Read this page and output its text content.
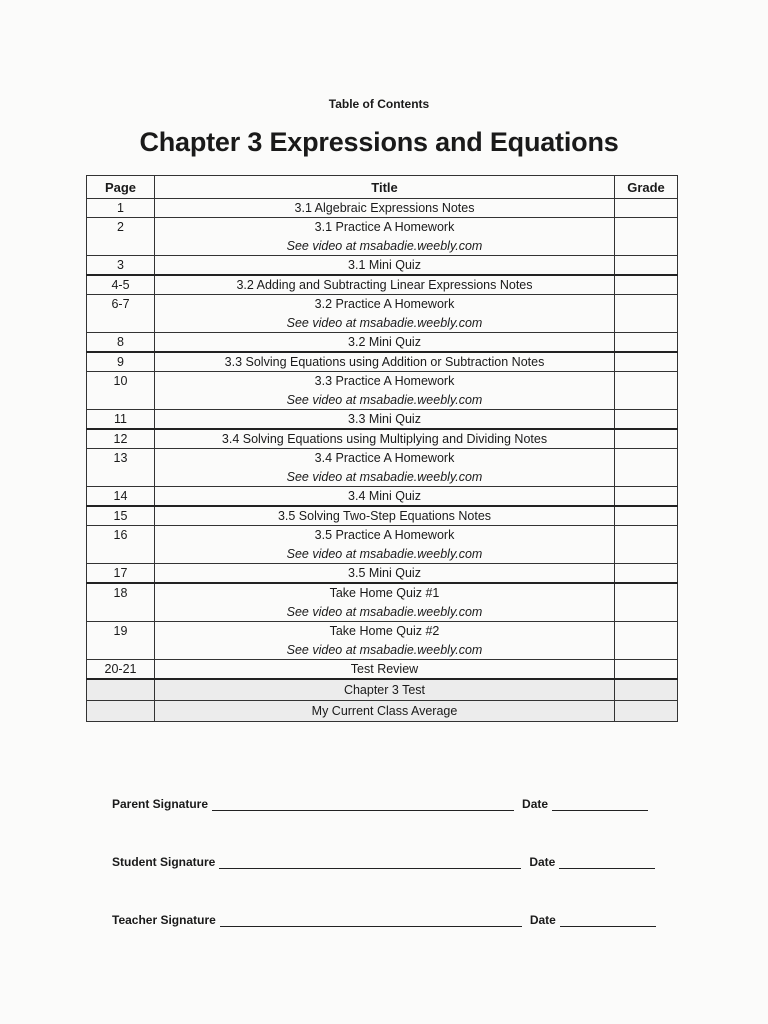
Table of Contents
Chapter 3 Expressions and Equations
Page	Title	Grade
1	3.1 Algebraic Expressions Notes	
2	3.1 Practice A Homework
See video at msabadie.weebly.com	

3	3.1 Mini Quiz	
4-5	3.2 Adding and Subtracting Linear Expressions Notes	
6-7	3.2 Practice A Homework
See video at msabadie.weebly.com	

8	3.2 Mini Quiz	
9	3.3 Solving Equations using Addition or Subtraction Notes	
10	3.3 Practice A Homework
See video at msabadie.weebly.com	

11	3.3 Mini Quiz	
12	3.4 Solving Equations using Multiplying and Dividing Notes	
13	3.4 Practice A Homework
See video at msabadie.weebly.com	

14	3.4 Mini Quiz	
15	3.5 Solving Two-Step Equations Notes	
16	3.5 Practice A Homework
See video at msabadie.weebly.com	

17	3.5 Mini Quiz	
18	Take Home Quiz #1
See video at msabadie.weebly.com	

19	Take Home Quiz #2
See video at msabadie.weebly.com	

20-21	Test Review	
	Chapter 3 Test	
	My Current Class Average	
Parent Signature	Date
Student Signature	Date
Teacher Signature	Date
